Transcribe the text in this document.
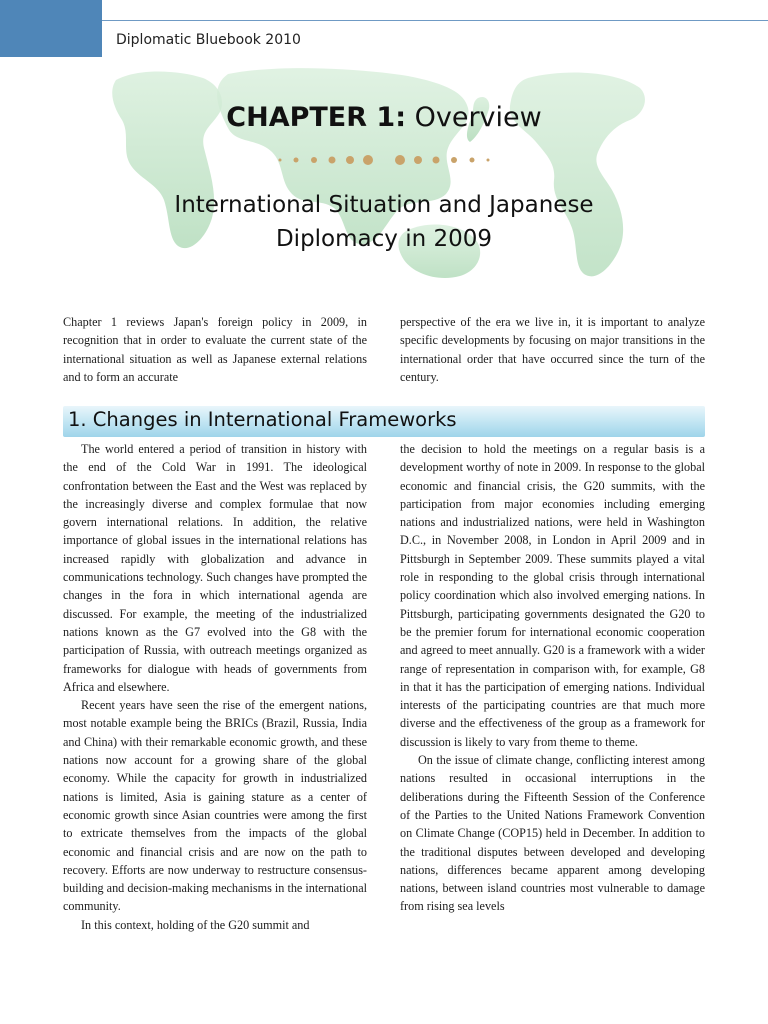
Diplomatic Bluebook 2010
CHAPTER 1: Overview
International Situation and Japanese
Diplomacy in 2009

Chapter 1 reviews Japan's foreign policy in 2009, in recognition that in order to evaluate the current state of the international situation as well as Japanese external relations and to form an accurate

perspective of the era we live in, it is important to analyze specific developments by focusing on major transitions in the international order that have occurred since the turn of the century.

1. Changes in International Frameworks

The world entered a period of transition in history with the end of the Cold War in 1991. The ideological confrontation between the East and the West was replaced by the increasingly diverse and complex formulae that now govern international relations. In addition, the relative importance of global issues in the international relations has increased rapidly with globalization and advance in communications technology. Such changes have prompted the changes in the fora in which international agenda are discussed. For example, the meeting of the industrialized nations known as the G7 evolved into the G8 with the participation of Russia, with outreach meetings organized as frameworks for dialogue with heads of governments from Africa and elsewhere.

Recent years have seen the rise of the emergent nations, most notable example being the BRICs (Brazil, Russia, India and China) with their remarkable economic growth, and these nations now account for a growing share of the global economy. While the capacity for growth in industrialized nations is limited, Asia is gaining stature as a center of economic growth since Asian countries were among the first to extricate themselves from the impacts of the global economic and financial crisis and are now on the path to recovery. Efforts are now underway to restructure consensus-building and decision-making mechanisms in the international community.

In this context, holding of the G20 summit and

the decision to hold the meetings on a regular basis is a development worthy of note in 2009. In response to the global economic and financial crisis, the G20 summits, with the participation from major economies including emerging nations and industrialized nations, were held in Washington D.C., in November 2008, in London in April 2009 and in Pittsburgh in September 2009. These summits played a vital role in responding to the global crisis through international policy coordination which also involved emerging nations. In Pittsburgh, participating governments designated the G20 to be the premier forum for international economic cooperation and agreed to meet annually. G20 is a framework with a wider range of representation in comparison with, for example, G8 in that it has the participation of emerging nations. Individual interests of the participating countries are that much more diverse and the effectiveness of the group as a framework for discussion is likely to vary from theme to theme.

On the issue of climate change, conflicting interest among nations resulted in occasional interruptions in the deliberations during the Fifteenth Session of the Conference of the Parties to the United Nations Framework Convention on Climate Change (COP15) held in December. In addition to the traditional disputes between developed and developing nations, differences became apparent among developing nations, between island countries most vulnerable to damage from rising sea levels
